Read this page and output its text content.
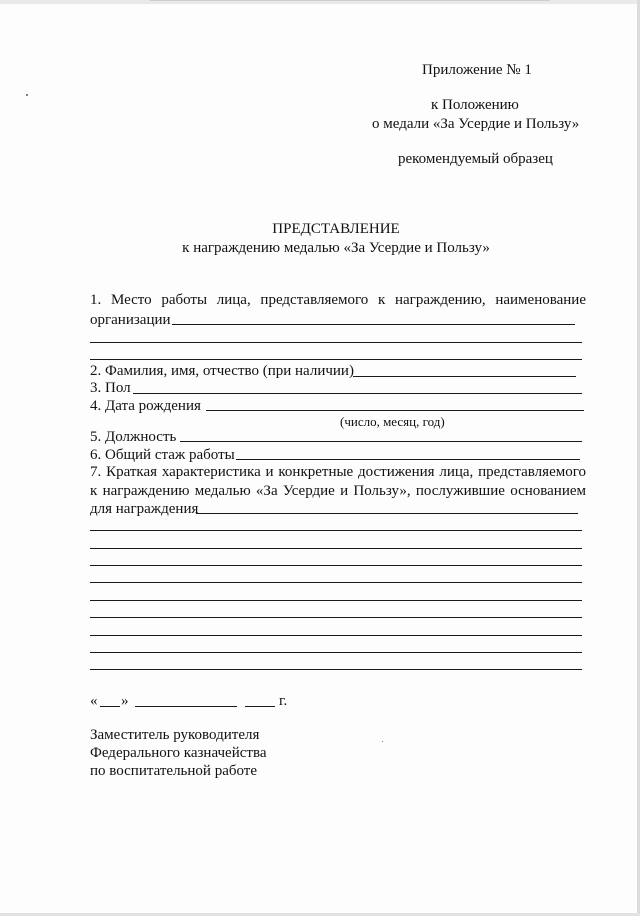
Приложение № 1
к Положению
о медали «За Усердие и Пользу»
рекомендуемый образец
ПРЕДСТАВЛЕНИЕ
к награждению медалью «За Усердие и Пользу»
1. Место работы лица, представляемого к награждению, наименование
организации
2. Фамилия, имя, отчество (при наличии)
3. Пол
4. Дата рождения
(число, месяц, год)
5. Должность
6. Общий стаж работы
7. Краткая характеристика и конкретные достижения лица, представляемого
к награждению медалью «За Усердие и Пользу», послужившие основанием
для награждения
« »	г.
Заместитель руководителя
Федерального казначейства
по воспитательной работе
